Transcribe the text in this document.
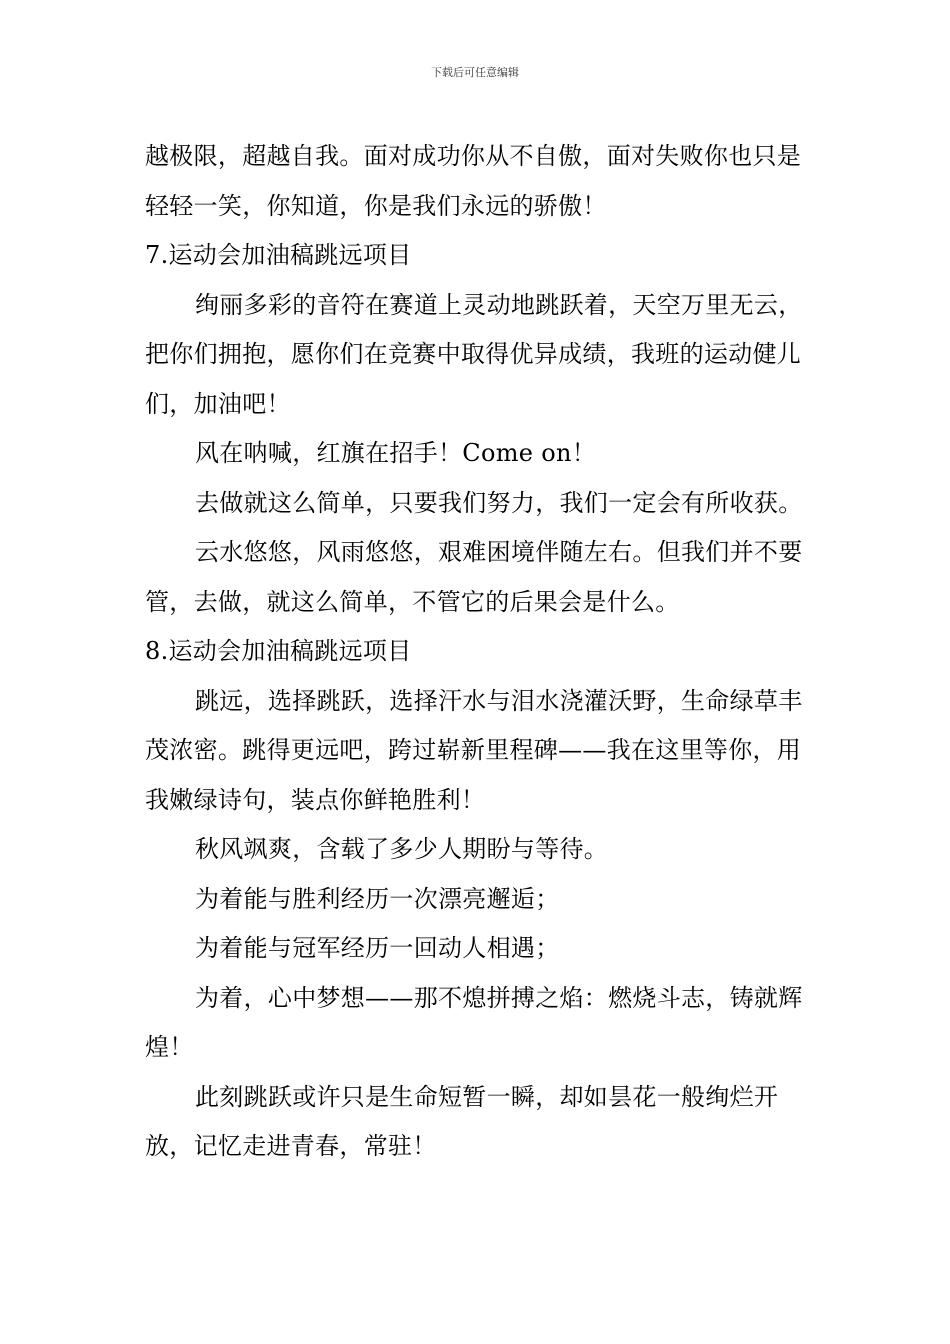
下载后可任意编辑

越极限，超越自我。面对成功你从不自傲，面对失败你也只是轻轻一笑，你知道，你是我们永远的骄傲！

7.运动会加油稿跳远项目

绚丽多彩的音符在赛道上灵动地跳跃着，天空万里无云，把你们拥抱，愿你们在竞赛中取得优异成绩，我班的运动健儿们，加油吧！

风在呐喊，红旗在招手！Come on！

去做就这么简单，只要我们努力，我们一定会有所收获。

云水悠悠，风雨悠悠，艰难困境伴随左右。但我们并不要管，去做，就这么简单，不管它的后果会是什么。

8.运动会加油稿跳远项目

跳远，选择跳跃，选择汗水与泪水浇灌沃野，生命绿草丰茂浓密。跳得更远吧，跨过崭新里程碑——我在这里等你，用我嫩绿诗句，装点你鲜艳胜利！

秋风飒爽，含载了多少人期盼与等待。

为着能与胜利经历一次漂亮邂逅；

为着能与冠军经历一回动人相遇；

为着，心中梦想——那不熄拼搏之焰：燃烧斗志，铸就辉煌！

此刻跳跃或许只是生命短暂一瞬，却如昙花一般绚烂开放，记忆走进青春，常驻！
